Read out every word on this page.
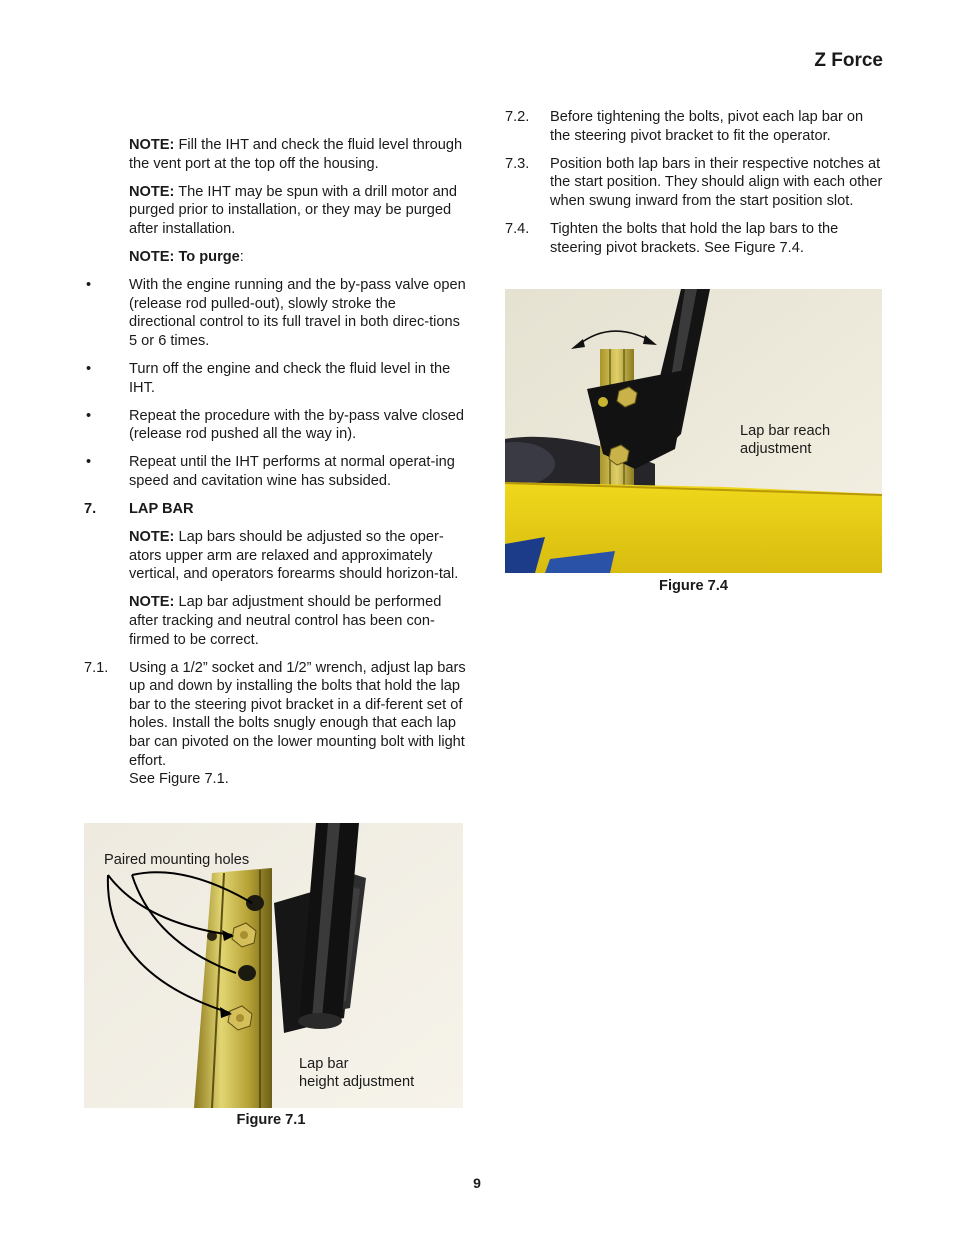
Z Force

NOTE: Fill the IHT and check the fluid level through the vent port at the top off the housing.

NOTE: The IHT may be spun with a drill motor and purged prior to installation, or they may be purged after installation.

NOTE: To purge:

•	With the engine running and the by-pass valve open (release rod pulled-out), slowly stroke the directional control to its full travel in both direc-tions 5 or 6 times.

•	Turn off the engine and check the fluid level in the IHT.

•	Repeat the procedure with the by-pass valve closed (release rod pushed all the way in).

•	Repeat until the IHT performs at normal operat-ing speed and cavitation wine has subsided.

7. LAP BAR

NOTE: Lap bars should be adjusted so the oper-ators upper arm are relaxed and approximately vertical, and operators forearms should horizon-tal.

NOTE: Lap bar adjustment should be performed after tracking and neutral control has been con-firmed to be correct.

7.1. Using a 1/2” socket and 1/2” wrench, adjust lap bars up and down by installing the bolts that hold the lap bar to the steering pivot bracket in a dif-ferent set of holes. Install the bolts snugly enough that each lap bar can pivoted on the lower mounting bolt with light effort.
See Figure 7.1.

7.2. Before tightening the bolts, pivot each lap bar on the steering pivot bracket to fit the operator.

7.3. Position both lap bars in their respective notches at the start position. They should align with each other when swung inward from the start position slot.

7.4. Tighten the bolts that hold the lap bars to the steering pivot brackets. See Figure 7.4.

Lap bar reach
adjustment

Figure 7.4

Paired mounting holes

Lap bar
height adjustment

Figure 7.1

9
